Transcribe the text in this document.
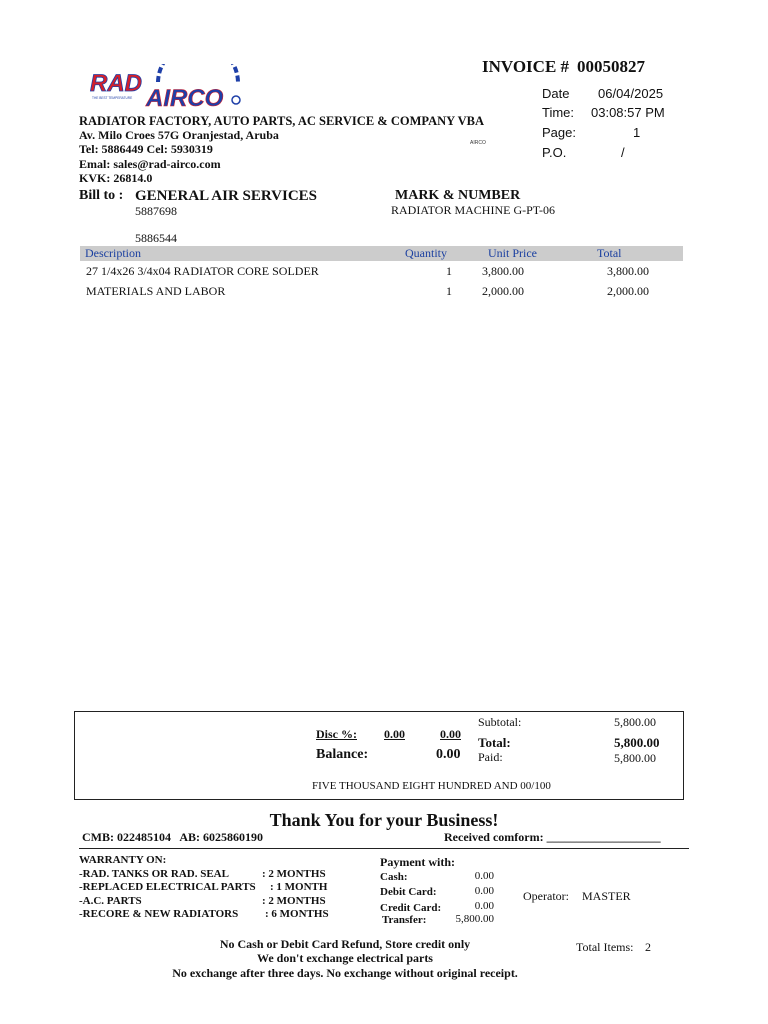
RAD
AIRCO
THE BEST TEMPERATURE
INVOICE # 00050827
Date 06/04/2025
Time: 03:08:57 PM
Page:	1
P.O.	/
RADIATOR FACTORY, AUTO PARTS, AC SERVICE & COMPANY VBA
Av. Milo Croes 57G Oranjestad, Aruba
Tel: 5886449 Cel: 5930319
Emal: sales@rad-airco.com
KVK: 26814.0
AIRCO
Bill to : GENERAL AIR SERVICES
5887698
5886544
MARK & NUMBER
RADIATOR MACHINE G-PT-06
Description	Quantity	Unit Price	Total
27 1/4x26 3/4x04 RADIATOR CORE SOLDER	1	3,800.00	3,800.00
MATERIALS AND LABOR	1	2,000.00	2,000.00
Disc %: 0.00	0.00
Balance:	0.00
Subtotal:	5,800.00
Total:	5,800.00
Paid:	5,800.00
FIVE THOUSAND EIGHT HUNDRED AND 00/100
Thank You for your Business!
CMB: 022485104   AB: 6025860190	Received comform: ___________________
WARRANTY ON:
-RAD. TANKS OR RAD. SEAL	: 2 MONTHS
-REPLACED ELECTRICAL PARTS : 1 MONTH
-A.C. PARTS	: 2 MONTHS
-RECORE & NEW RADIATORS : 6 MONTHS
Payment with:
Cash:	0.00
Debit Card:	0.00
Credit Card:	0.00
Transfer:	5,800.00
Operator: MASTER
Total Items: 2
No Cash or Debit Card Refund, Store credit only
We don't exchange electrical parts
No exchange after three days. No exchange without original receipt.
